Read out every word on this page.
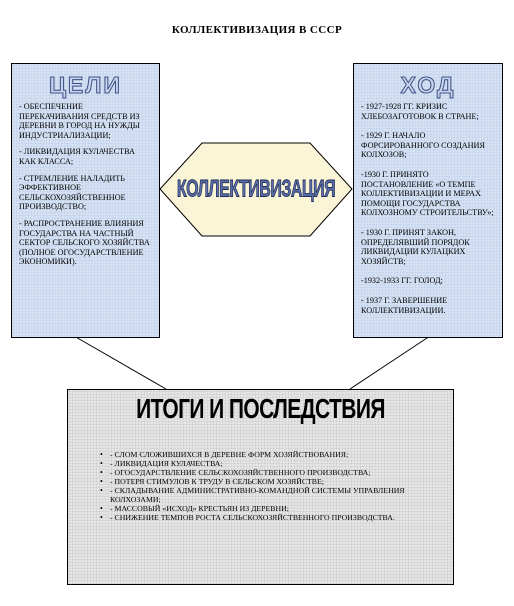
КОЛЛЕКТИВИЗАЦИЯ В СССР
ЦЕЛИ
- ОБЕСПЕЧЕНИЕ ПЕРЕКАЧИВАНИЯ СРЕДСТВ ИЗ ДЕРЕВНИ В ГОРОД НА НУЖДЫ ИНДУСТРИАЛИЗАЦИИ;
- ЛИКВИДАЦИЯ КУЛАЧЕСТВА КАК КЛАССА;
- СТРЕМЛЕНИЕ НАЛАДИТЬ ЭФФЕКТИВНОЕ СЕЛЬСКОХОЗЯЙСТВЕННОЕ ПРОИЗВОДСТВО;
- РАСПРОСТРАНЕНИЕ ВЛИЯНИЯ ГОСУДАРСТВА НА ЧАСТНЫЙ СЕКТОР СЕЛЬСКОГО ХОЗЯЙСТВА (ПОЛНОЕ ОГОСУДАРСТВЛЕНИЕ ЭКОНОМИКИ).
КОЛЛЕКТИВИЗАЦИЯ
ХОД
- 1927-1928 ГГ. КРИЗИС ХЛЕБОЗАГОТОВОК В СТРАНЕ;
- 1929 Г. НАЧАЛО ФОРСИРОВАННОГО СОЗДАНИЯ КОЛХОЗОВ;
-1930 Г. ПРИНЯТО ПОСТАНОВЛЕНИЕ «О ТЕМПЕ КОЛЛЕКТИВИЗАЦИИ И МЕРАХ ПОМОЩИ ГОСУДАРСТВА КОЛХОЗНОМУ СТРОИТЕЛЬСТВУ»;
- 1930 Г. ПРИНЯТ ЗАКОН, ОПРЕДЕЛЯВШИЙ ПОРЯДОК ЛИКВИДАЦИИ КУЛАЦКИХ ХОЗЯЙСТВ;
-1932-1933 ГГ. ГОЛОД;
- 1937 Г. ЗАВЕРШЕНИЕ КОЛЛЕКТИВИЗАЦИИ.
ИТОГИ И ПОСЛЕДСТВИЯ
• - СЛОМ СЛОЖИВШИХСЯ В ДЕРЕВНЕ ФОРМ ХОЗЯЙСТВОВАНИЯ;
• - ЛИКВИДАЦИЯ КУЛАЧЕСТВА;
• - ОГОСУДАРСТВЛЕНИЕ СЕЛЬСКОХОЗЯЙСТВЕННОГО ПРОИЗВОДСТВА;
• - ПОТЕРЯ СТИМУЛОВ К ТРУДУ В СЕЛЬСКОМ ХОЗЯЙСТВЕ;
• - СКЛАДЫВАНИЕ АДМИНИСТРАТИВНО-КОМАНДНОЙ СИСТЕМЫ УПРАВЛЕНИЯ КОЛХОЗАМИ;
• - МАССОВЫЙ «ИСХОД» КРЕСТЬЯН ИЗ ДЕРЕВНИ;
• - СНИЖЕНИЕ ТЕМПОВ РОСТА СЕЛЬСКОХОЗЯЙСТВЕННОГО ПРОИЗВОДСТВА.
